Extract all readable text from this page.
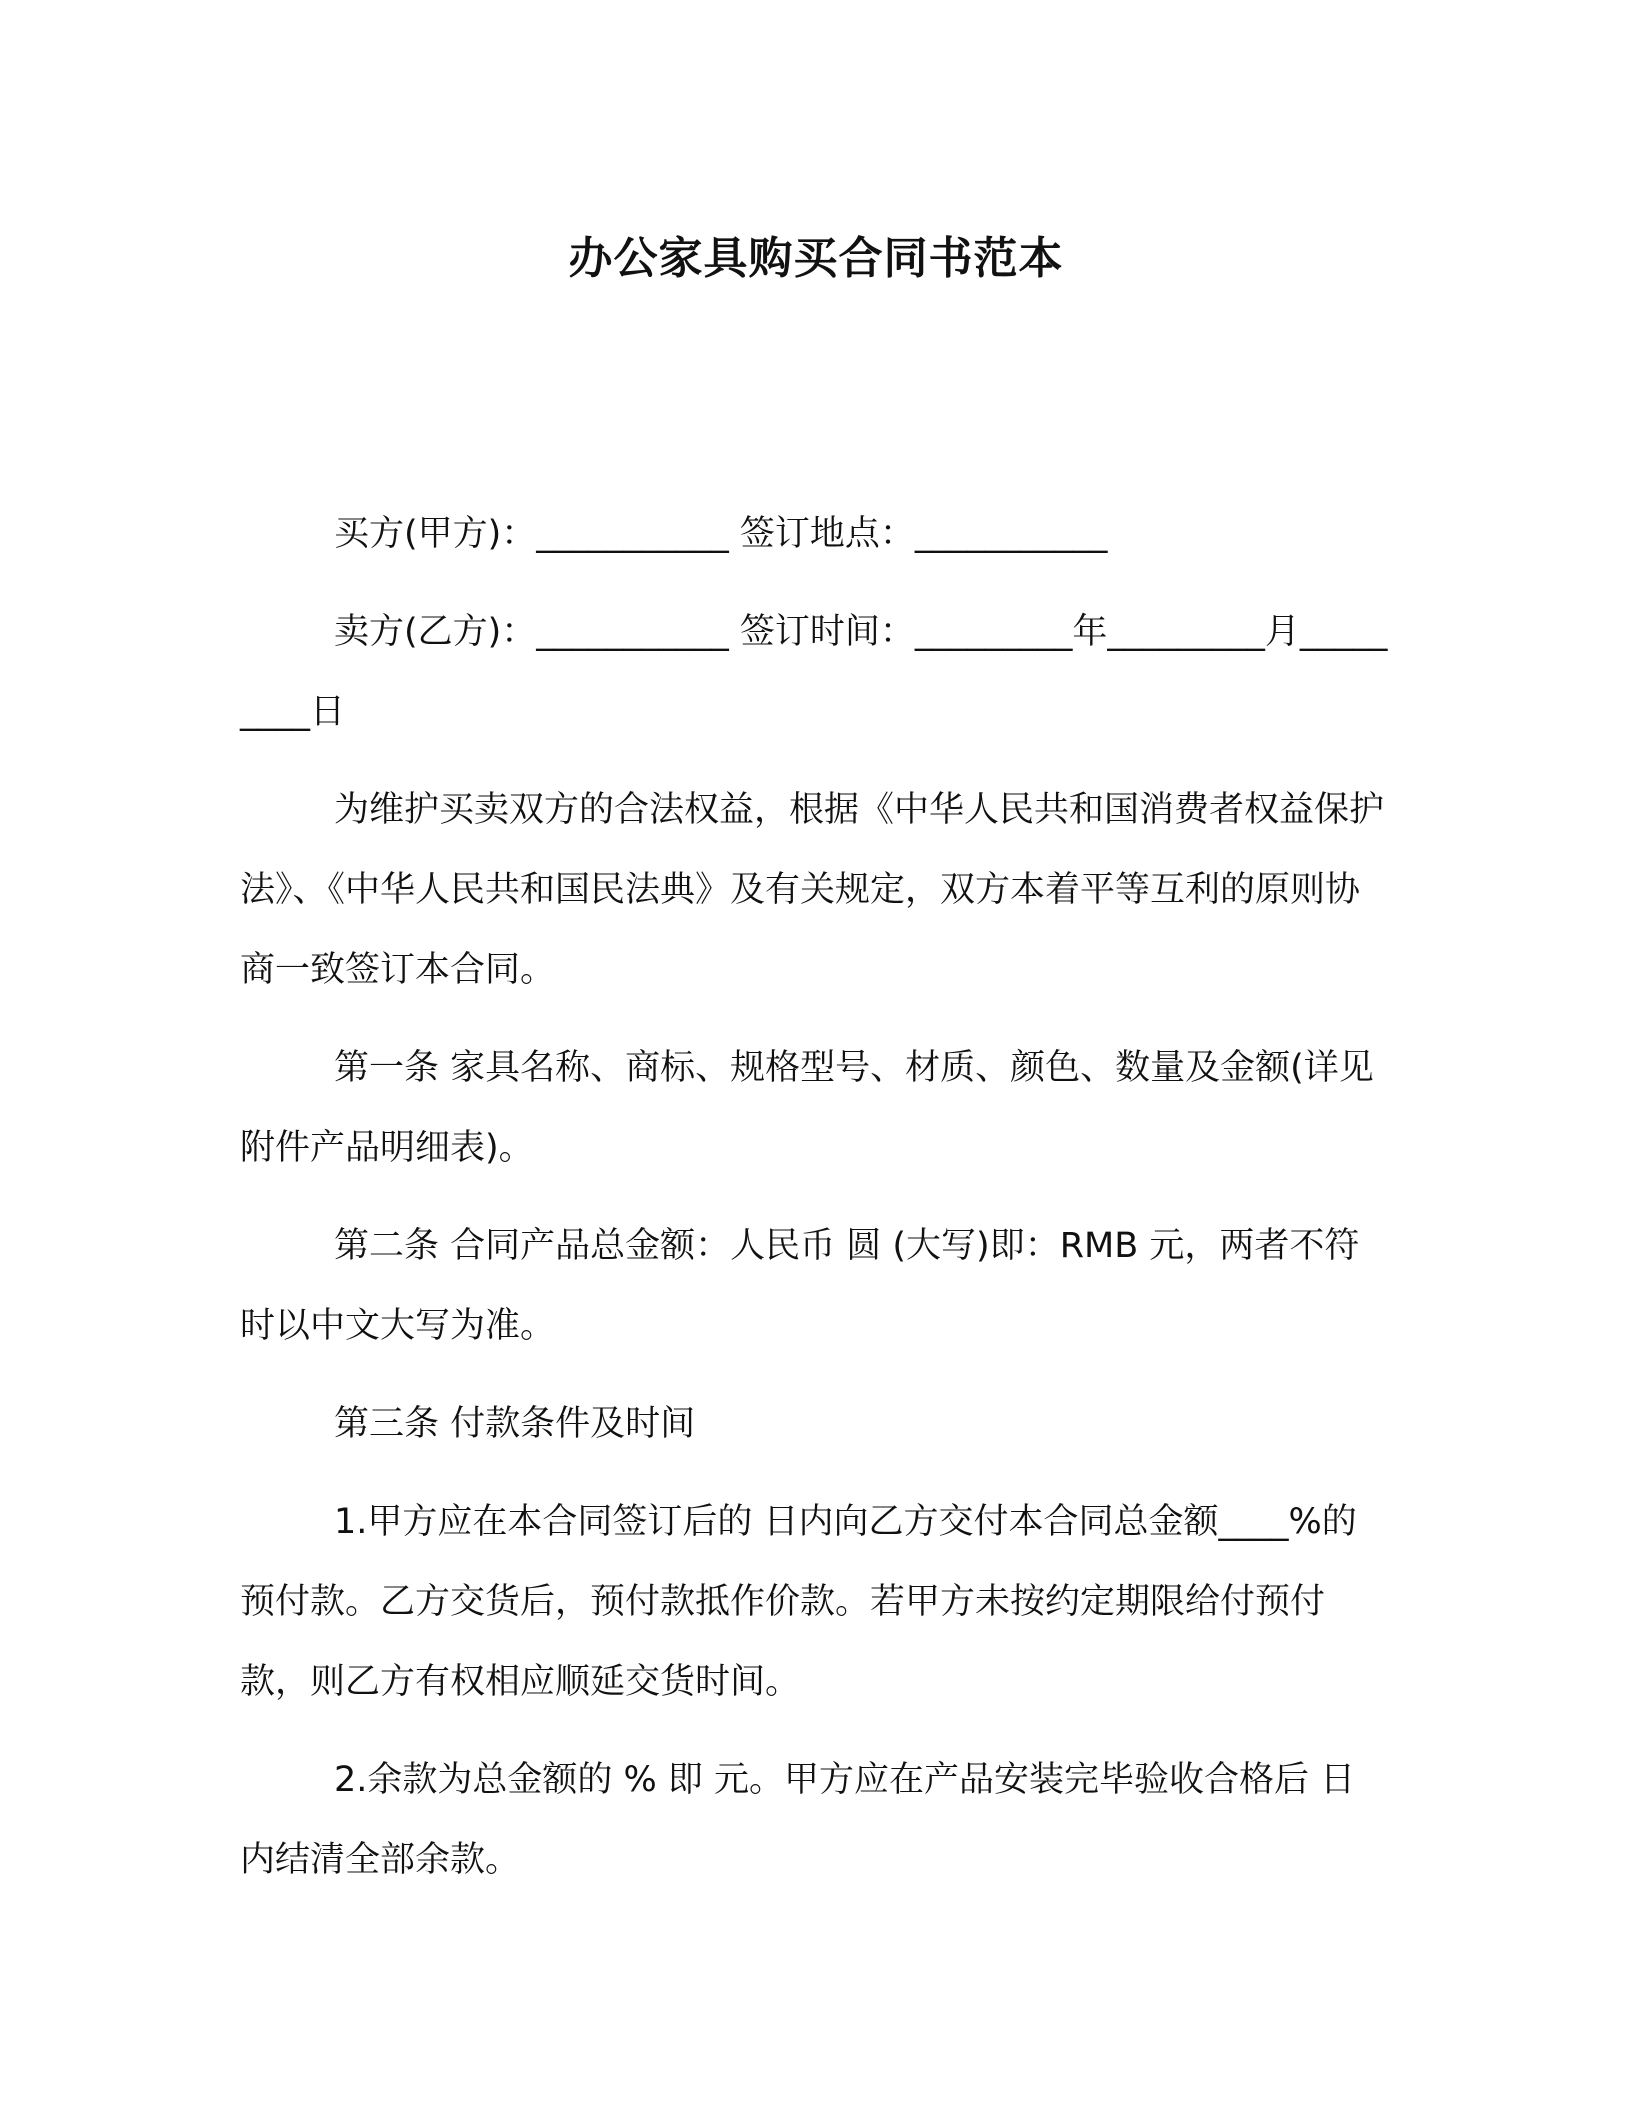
办公家具购买合同书范本

买方(甲方)：___________ 签订地点：___________

卖方(乙方)：___________ 签订时间：_________年_________月_________日

为维护买卖双方的合法权益，根据《中华人民共和国消费者权益保护法》、《中华人民共和国民法典》及有关规定，双方本着平等互利的原则协商一致签订本合同。

第一条 家具名称、商标、规格型号、材质、颜色、数量及金额(详见附件产品明细表)。

第二条 合同产品总金额：人民币 圆 (大写)即：RMB 元，两者不符时以中文大写为准。

第三条 付款条件及时间

1.甲方应在本合同签订后的 日内向乙方交付本合同总金额____%的预付款。乙方交货后，预付款抵作价款。若甲方未按约定期限给付预付款，则乙方有权相应顺延交货时间。

2.余款为总金额的 % 即 元。甲方应在产品安装完毕验收合格后 日内结清全部余款。
